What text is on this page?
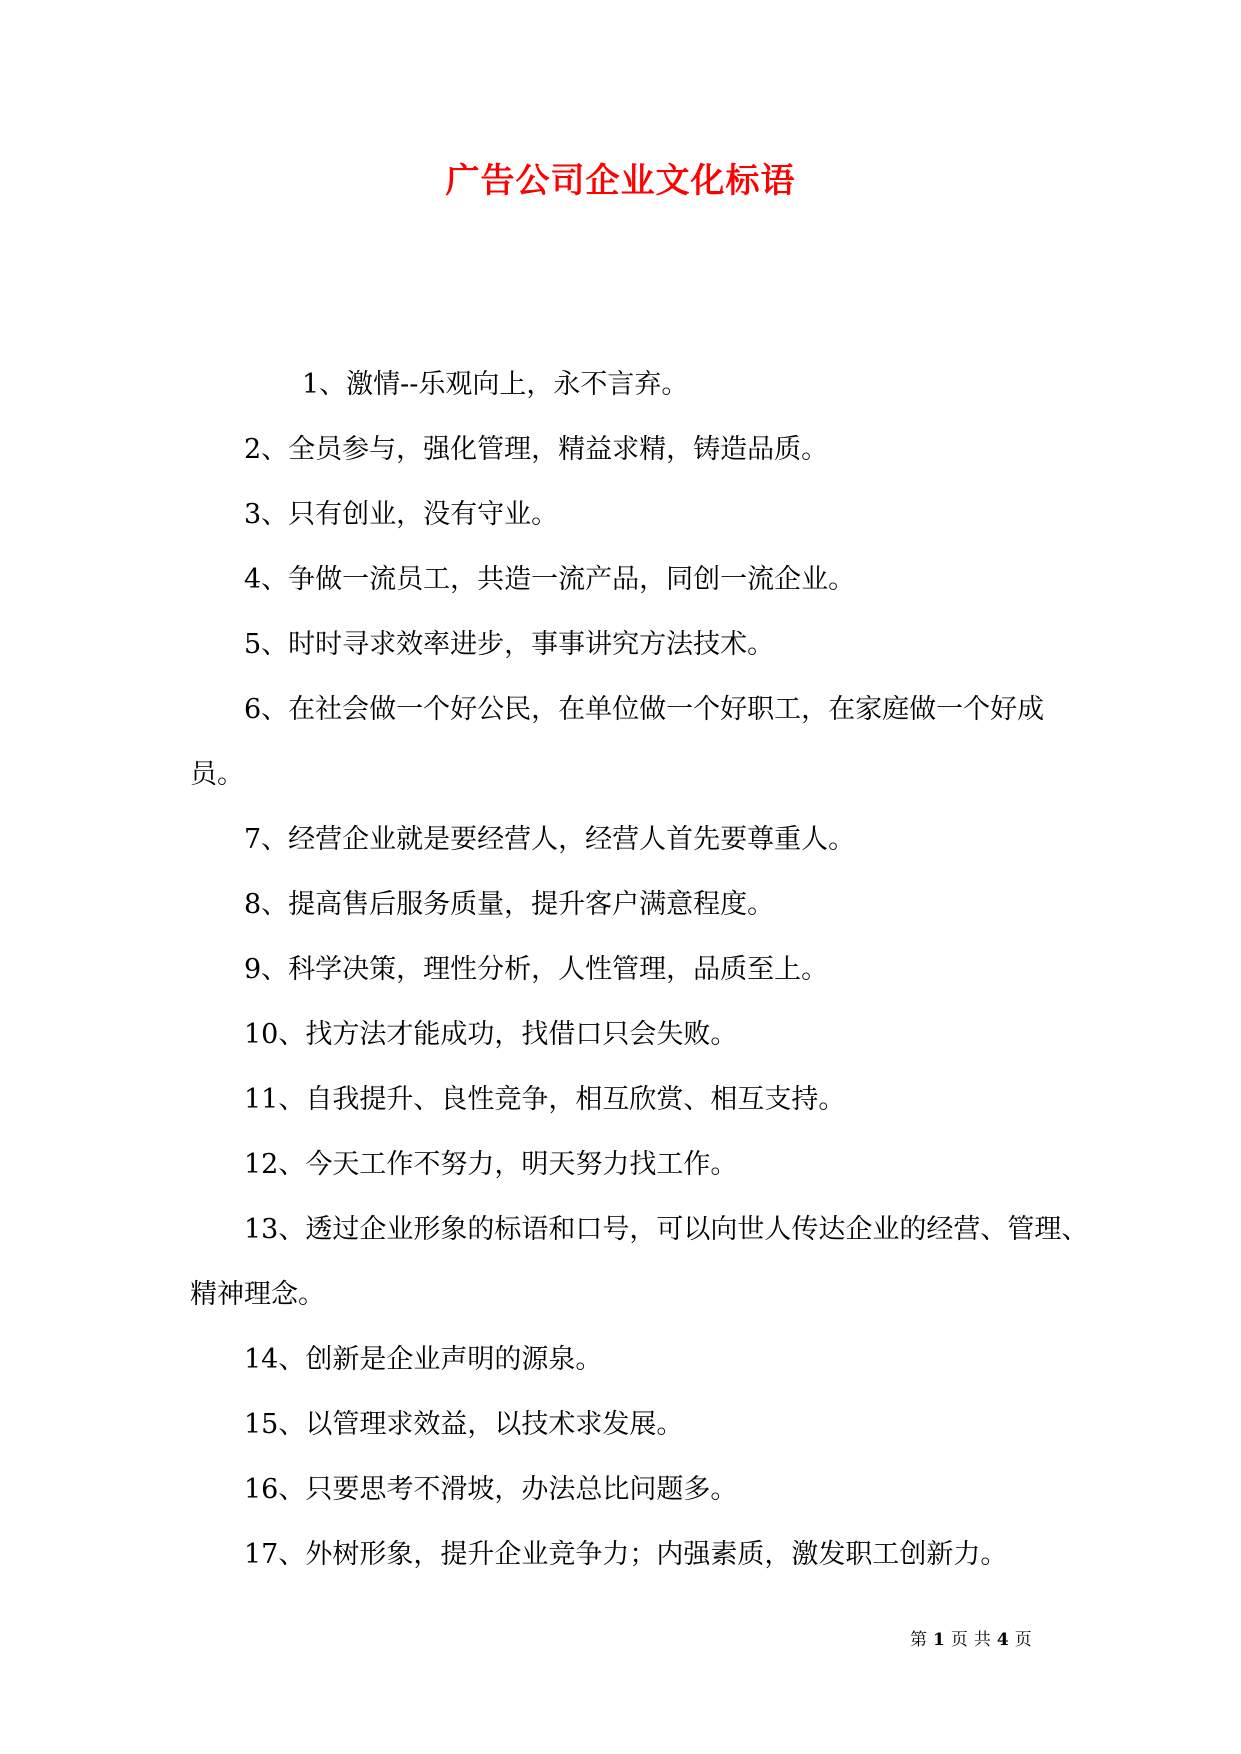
广告公司企业文化标语

1、激情--乐观向上，永不言弃。

2、全员参与，强化管理，精益求精，铸造品质。

3、只有创业，没有守业。

4、争做一流员工，共造一流产品，同创一流企业。

5、时时寻求效率进步，事事讲究方法技术。

6、在社会做一个好公民，在单位做一个好职工，在家庭做一个好成员。

7、经营企业就是要经营人，经营人首先要尊重人。

8、提高售后服务质量，提升客户满意程度。

9、科学决策，理性分析，人性管理，品质至上。

10、找方法才能成功，找借口只会失败。

11、自我提升、良性竞争，相互欣赏、相互支持。

12、今天工作不努力，明天努力找工作。

13、透过企业形象的标语和口号，可以向世人传达企业的经营、管理、精神理念。

14、创新是企业声明的源泉。

15、以管理求效益，以技术求发展。

16、只要思考不滑坡，办法总比问题多。

17、外树形象，提升企业竞争力；内强素质，激发职工创新力。

第 1 页 共 4 页
